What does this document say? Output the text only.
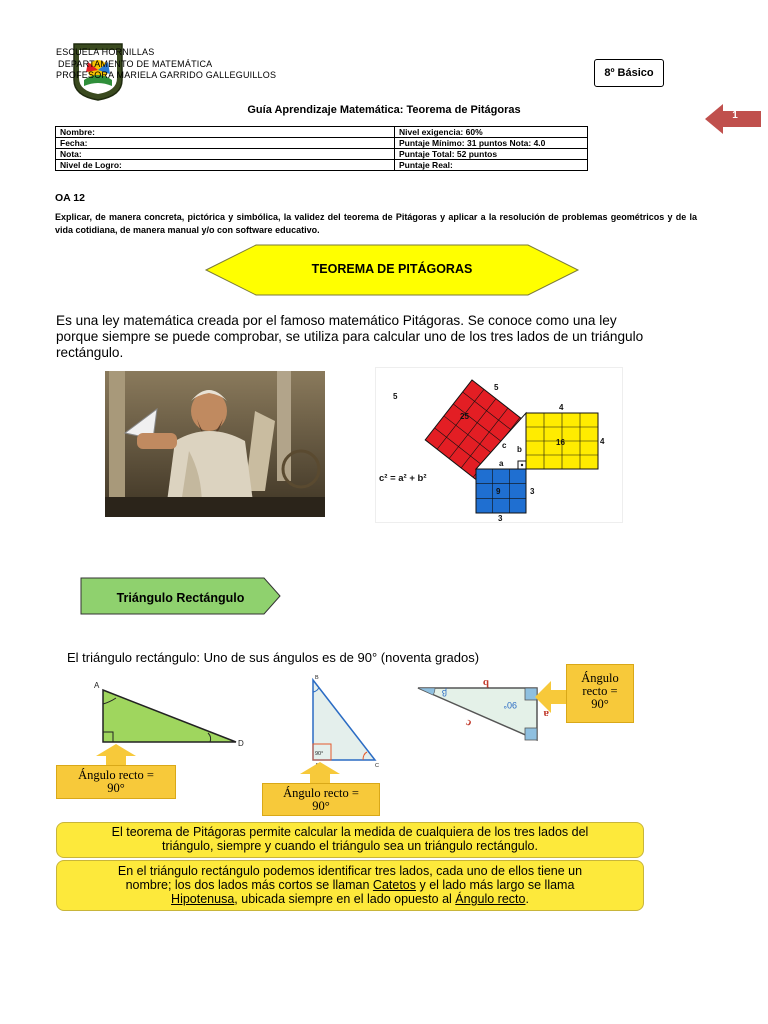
ESCUELA HORNILLAS
DEPARTAMENTO DE MATEMÁTICA
PROFESORA MARIELA GARRIDO GALLEGUILLOS	8º Básico
1
Guía Aprendizaje Matemática: Teorema de Pitágoras
Nombre:	Nivel exigencia: 60%
Fecha:	Puntaje Mínimo: 31 puntos Nota: 4.0
Nota:	Puntaje Total: 52 puntos
Nivel de Logro:	Puntaje Real:
OA 12
Explicar, de manera concreta, pictórica y simbólica, la validez del teorema de Pitágoras y aplicar a la resolución de problemas geométricos y de la vida cotidiana, de manera manual y/o con software educativo.
TEOREMA DE PITÁGORAS
Es una ley matemática creada por el famoso matemático Pitágoras. Se conoce como una ley porque siempre se puede comprobar, se utiliza para calcular uno de los tres lados de un triángulo rectángulo.
25
16
9
5
5
4
4
3
3
a
b
c
c² = a² + b²
Triángulo Rectángulo
El triángulo rectángulo: Uno de sus ángulos es de 90° (noventa grados)
A
D
B
90°
C
b
a
c
β
90°
Ángulo recto =
90°	Ángulo recto =
90°
Ángulo
recto =
90°
El teorema de Pitágoras permite calcular la medida de cualquiera de los tres lados del
triángulo, siempre y cuando el triángulo sea un triángulo rectángulo.
En el triángulo rectángulo podemos identificar tres lados, cada uno de ellos tiene un
nombre; los dos lados más cortos se llaman Catetos y el lado más largo se llama
Hipotenusa, ubicada siempre en el lado opuesto al Ángulo recto.
